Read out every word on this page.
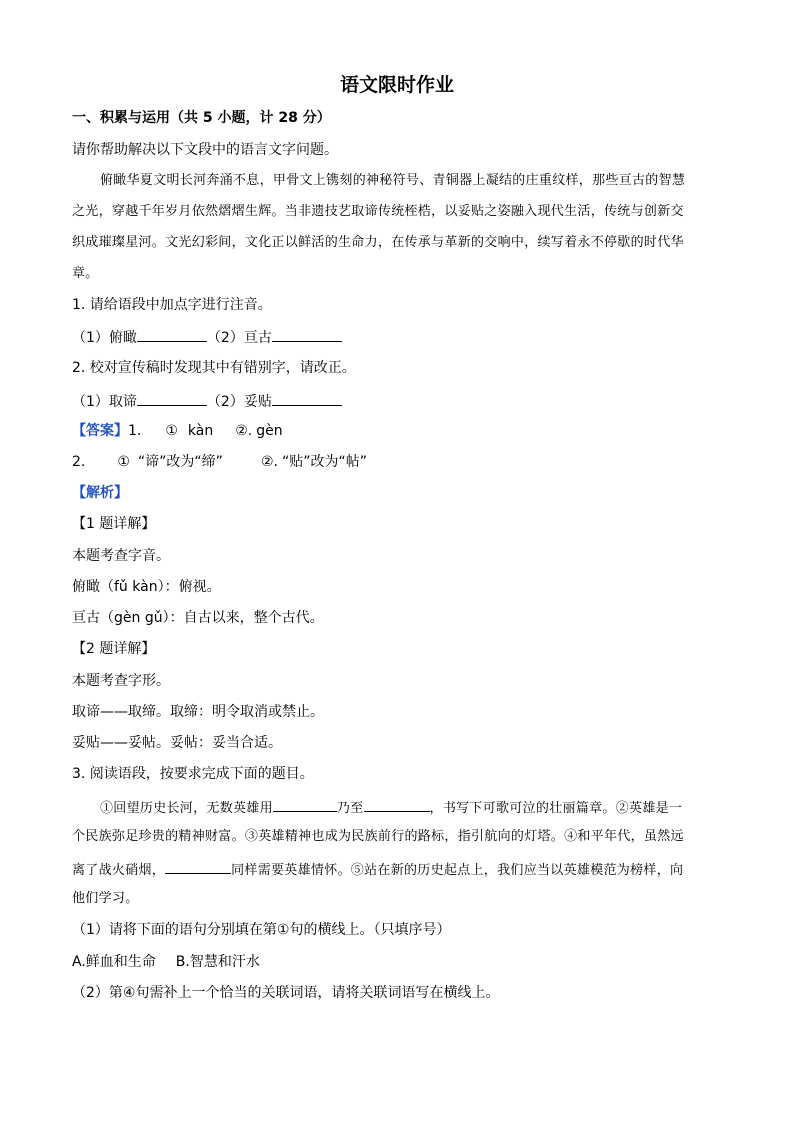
语文限时作业
一、积累与运用（共 5 小题，计 28 分）
请你帮助解决以下文段中的语言文字问题。
俯瞰华夏文明长河奔涌不息，甲骨文上镌刻的神秘符号、青铜器上凝结的庄重纹样，那些亘古的智慧
之光，穿越千年岁月依然熠熠生辉。当非遗技艺取谛传统桎梏，以妥贴之姿融入现代生活，传统与创新交
织成璀璨星河。文光幻彩间，文化正以鲜活的生命力，在传承与革新的交响中，续写着永不停歇的时代华
章。
1. 请给语段中加点字进行注音。
（1）俯瞰	（2）亘古
2. 校对宣传稿时发现其中有错别字，请改正。
（1）取谛	（2）妥贴
【答案】1. ① kàn ②. gèn
2. ① “谛”改为“缔”	②. “贴”改为“帖”
【解析】
【1 题详解】
本题考查字音。
俯瞰（fǔ kàn）：俯视。
亘古（gèn gǔ）：自古以来，整个古代。
【2 题详解】
本题考查字形。
取谛——取缔。取缔：明令取消或禁止。
妥贴——妥帖。妥帖：妥当合适。
3. 阅读语段，按要求完成下面的题目。
①回望历史长河，无数英雄用	乃至	，书写下可歌可泣的壮丽篇章。②英雄是一
个民族弥足珍贵的精神财富。③英雄精神也成为民族前行的路标，指引航向的灯塔。④和平年代，虽然远
离了战火硝烟，	同样需要英雄情怀。⑤站在新的历史起点上，我们应当以英雄模范为榜样，向
他们学习。
（1）请将下面的语句分别填在第①句的横线上。（只填序号）
A.鲜血和生命 B.智慧和汗水
（2）第④句需补上一个恰当的关联词语，请将关联词语写在横线上。
